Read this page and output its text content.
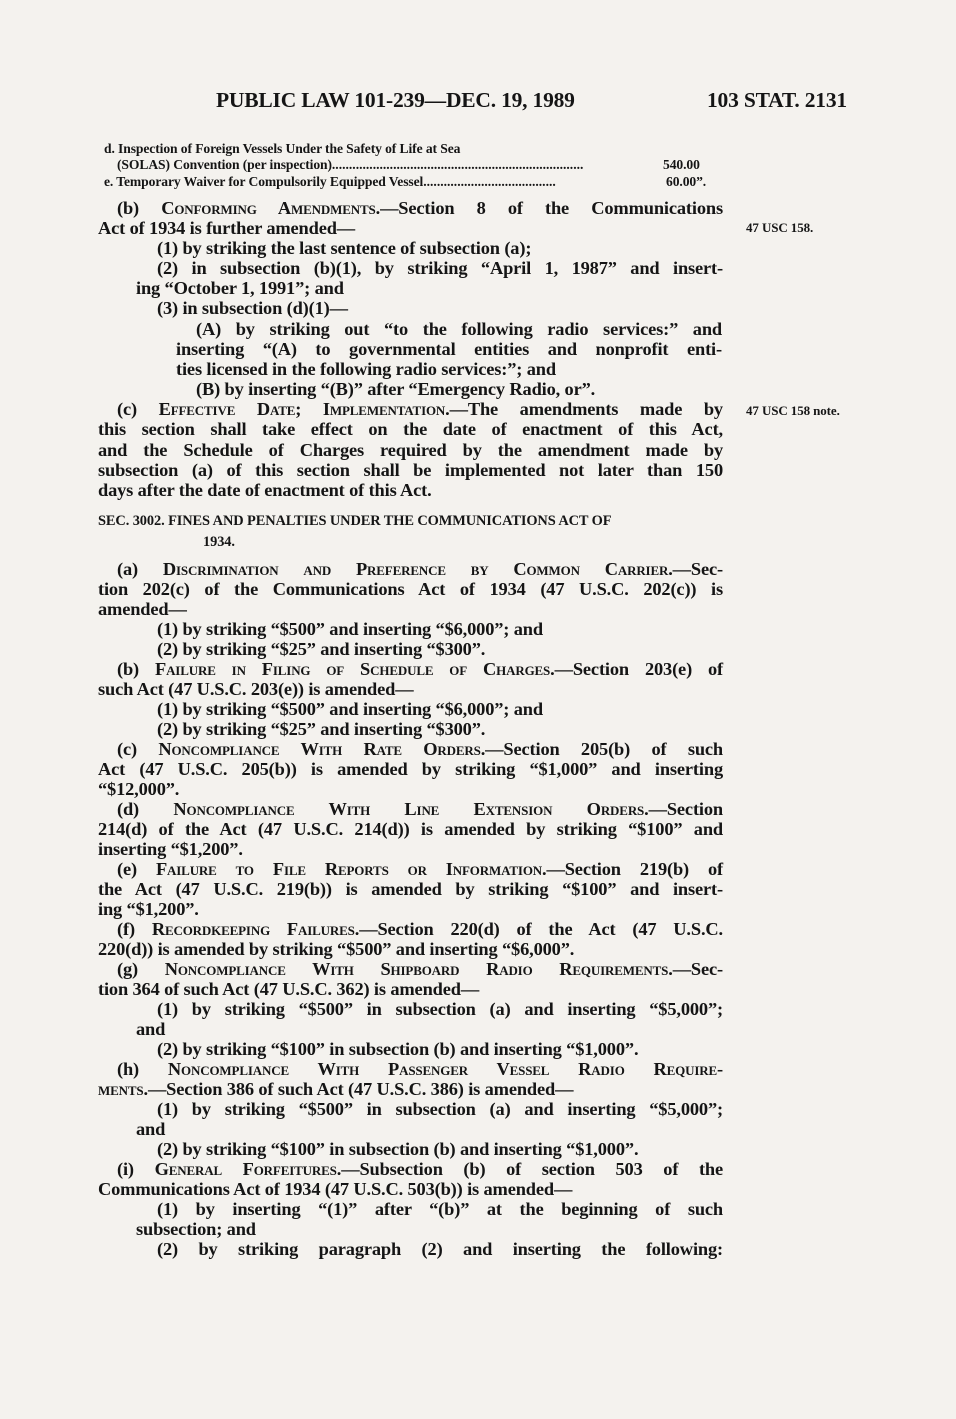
PUBLIC LAW 101-239—DEC. 19, 1989	103 STAT. 2131
d. Inspection of Foreign Vessels Under the Safety of Life at Sea
(SOLAS) Convention (per inspection)..........................................................................	540.00
e. Temporary Waiver for Compulsorily Equipped Vessel.......................................	60.00”.
47 USC 158.
47 USC 158 note.
(b) Conforming Amendments.—Section 8 of the Communications
Act of 1934 is further amended—
(1) by striking the last sentence of subsection (a);
(2) in subsection (b)(1), by striking “April 1, 1987” and insert-
ing “October 1, 1991”; and
(3) in subsection (d)(1)—
(A) by striking out “to the following radio services:” and
inserting “(A) to governmental entities and nonprofit enti-
ties licensed in the following radio services:”; and
(B) by inserting “(B)” after “Emergency Radio, or”.
(c) Effective Date; Implementation.—The amendments made by
this section shall take effect on the date of enactment of this Act,
and the Schedule of Charges required by the amendment made by
subsection (a) of this section shall be implemented not later than 150
days after the date of enactment of this Act.
SEC. 3002. FINES AND PENALTIES UNDER THE COMMUNICATIONS ACT OF
1934.
(a) Discrimination and Preference by Common Carrier.—Sec-
tion 202(c) of the Communications Act of 1934 (47 U.S.C. 202(c)) is
amended—
(1) by striking “$500” and inserting “$6,000”; and
(2) by striking “$25” and inserting “$300”.
(b) Failure in Filing of Schedule of Charges.—Section 203(e) of
such Act (47 U.S.C. 203(e)) is amended—
(1) by striking “$500” and inserting “$6,000”; and
(2) by striking “$25” and inserting “$300”.
(c) Noncompliance With Rate Orders.—Section 205(b) of such
Act (47 U.S.C. 205(b)) is amended by striking “$1,000” and inserting
“$12,000”.
(d) Noncompliance With Line Extension Orders.—Section
214(d) of the Act (47 U.S.C. 214(d)) is amended by striking “$100” and
inserting “$1,200”.
(e) Failure to File Reports or Information.—Section 219(b) of
the Act (47 U.S.C. 219(b)) is amended by striking “$100” and insert-
ing “$1,200”.
(f) Recordkeeping Failures.—Section 220(d) of the Act (47 U.S.C.
220(d)) is amended by striking “$500” and inserting “$6,000”.
(g) Noncompliance With Shipboard Radio Requirements.—Sec-
tion 364 of such Act (47 U.S.C. 362) is amended—
(1) by striking “$500” in subsection (a) and inserting “$5,000”;
and
(2) by striking “$100” in subsection (b) and inserting “$1,000”.
(h) Noncompliance With Passenger Vessel Radio Require-
ments.—Section 386 of such Act (47 U.S.C. 386) is amended—
(1) by striking “$500” in subsection (a) and inserting “$5,000”;
and
(2) by striking “$100” in subsection (b) and inserting “$1,000”.
(i) General Forfeitures.—Subsection (b) of section 503 of the
Communications Act of 1934 (47 U.S.C. 503(b)) is amended—
(1) by inserting “(1)” after “(b)” at the beginning of such
subsection; and
(2) by striking paragraph (2) and inserting the following:
